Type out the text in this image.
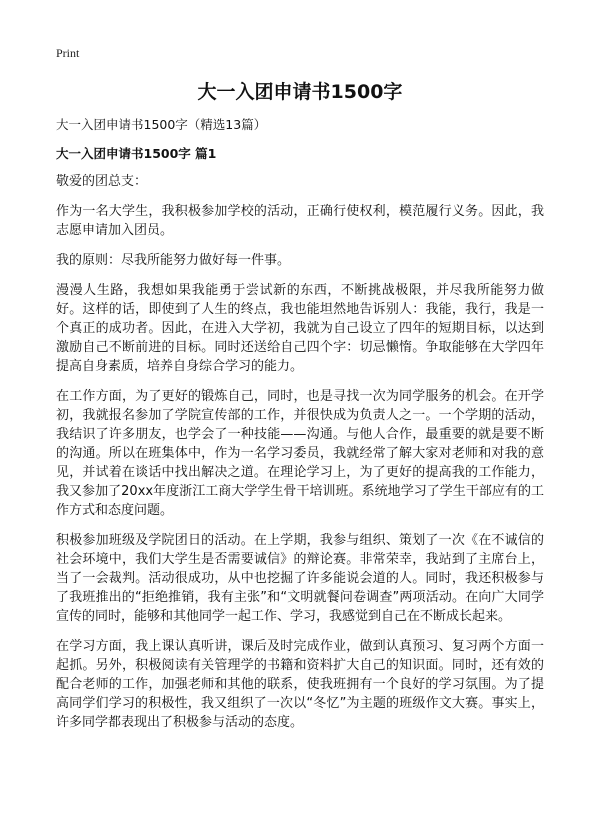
Print
大一入团申请书1500字
大一入团申请书1500字（精选13篇）
大一入团申请书1500字 篇1

敬爱的团总支：

作为一名大学生，我积极参加学校的活动，正确行使权利，模范履行义务。因此，我志愿申请加入团员。

我的原则：尽我所能努力做好每一件事。

漫漫人生路，我想如果我能勇于尝试新的东西，不断挑战极限，并尽我所能努力做好。这样的话，即使到了人生的终点，我也能坦然地告诉别人：我能，我行，我是一个真正的成功者。因此，在进入大学初，我就为自己设立了四年的短期目标，以达到激励自己不断前进的目标。同时还送给自己四个字：切忌懒惰。争取能够在大学四年提高自身素质，培养自身综合学习的能力。

在工作方面，为了更好的锻炼自己，同时，也是寻找一次为同学服务的机会。在开学初，我就报名参加了学院宣传部的工作，并很快成为负责人之一。一个学期的活动，我结识了许多朋友，也学会了一种技能——沟通。与他人合作，最重要的就是要不断的沟通。所以在班集体中，作为一名学习委员，我就经常了解大家对老师和对我的意见，并试着在谈话中找出解决之道。在理论学习上，为了更好的提高我的工作能力，我又参加了20xx年度浙江工商大学学生骨干培训班。系统地学习了学生干部应有的工作方式和态度问题。

积极参加班级及学院团日的活动。在上学期，我参与组织、策划了一次《在不诚信的社会环境中，我们大学生是否需要诚信》的辩论赛。非常荣幸，我站到了主席台上，当了一会裁判。活动很成功，从中也挖掘了许多能说会道的人。同时，我还积极参与了我班推出的“拒绝推销，我有主张”和“文明就餐问卷调查”两项活动。在向广大同学宣传的同时，能够和其他同学一起工作、学习，我感觉到自己在不断成长起来。

在学习方面，我上课认真听讲，课后及时完成作业，做到认真预习、复习两个方面一起抓。另外，积极阅读有关管理学的书籍和资料扩大自己的知识面。同时，还有效的配合老师的工作，加强老师和其他的联系，使我班拥有一个良好的学习氛围。为了提高同学们学习的积极性，我又组织了一次以“冬忆”为主题的班级作文大赛。事实上，许多同学都表现出了积极参与活动的态度。
